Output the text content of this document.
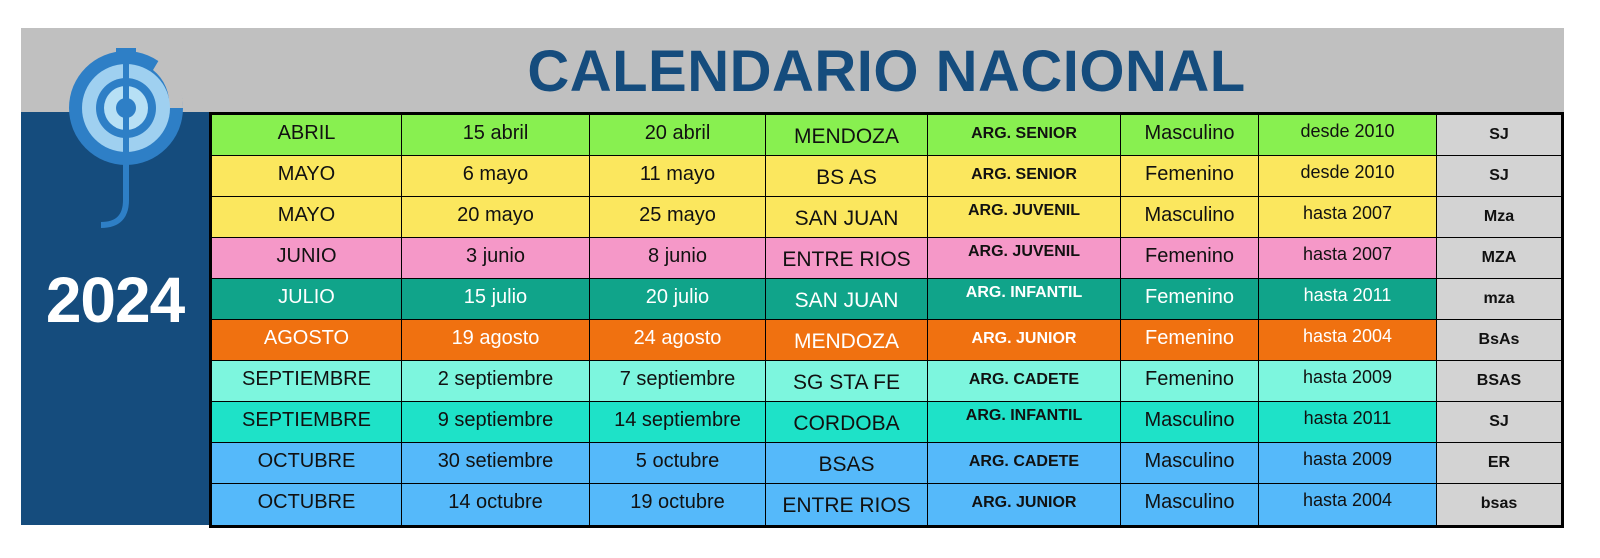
2024
CALENDARIO NACIONAL
ABRIL	15 abril	20 abril	MENDOZA	ARG. SENIOR	Masculino	desde 2010	SJ
MAYO	6 mayo	11 mayo	BS AS	ARG. SENIOR	Femenino	desde 2010	SJ
MAYO	20 mayo	25 mayo	SAN JUAN	ARG. JUVENIL	Masculino	hasta 2007	Mza
JUNIO	3 junio	8 junio	ENTRE RIOS	ARG. JUVENIL	Femenino	hasta 2007	MZA
JULIO	15 julio	20 julio	SAN JUAN	ARG. INFANTIL	Femenino	hasta 2011	mza
AGOSTO	19 agosto	24 agosto	MENDOZA	ARG. JUNIOR	Femenino	hasta 2004	BsAs
SEPTIEMBRE	2 septiembre	7 septiembre	SG STA FE	ARG. CADETE	Femenino	hasta 2009	BSAS
SEPTIEMBRE	9 septiembre	14 septiembre	CORDOBA	ARG. INFANTIL	Masculino	hasta 2011	SJ
OCTUBRE	30 setiembre	5 octubre	BSAS	ARG. CADETE	Masculino	hasta 2009	ER
OCTUBRE	14 octubre	19 octubre	ENTRE RIOS	ARG. JUNIOR	Masculino	hasta 2004	bsas
